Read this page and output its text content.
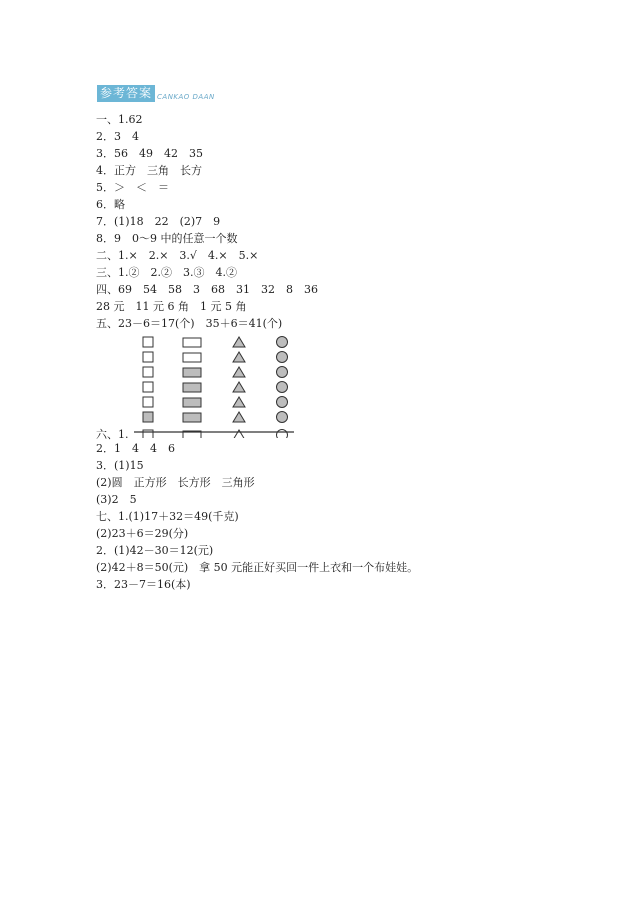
参考答案 CANKAO DAAN
一、1.62
2．3　4
3．56　49　42　35
4．正方　三角　长方
5．＞　＜　＝
6．略
7．(1)18　22　(2)7　9
8．9　0～9 中的任意一个数
二、1.×　2.×　3.√　4.×　5.×
三、1.②　2.②　3.③　4.②
四、69　54　58　3　68　31　32　8　36
28 元　11 元 6 角　1 元 5 角
五、23－6＝17(个)　35＋6＝41(个)
六、1.
2．1　4　4　6
3．(1)15
(2)圆　正方形　长方形　三角形
(3)2　5
七、1.(1)17＋32＝49(千克)
(2)23＋6＝29(分)
2．(1)42－30＝12(元)
(2)42＋8＝50(元)　拿 50 元能正好买回一件上衣和一个布娃娃。
3．23－7＝16(本)
